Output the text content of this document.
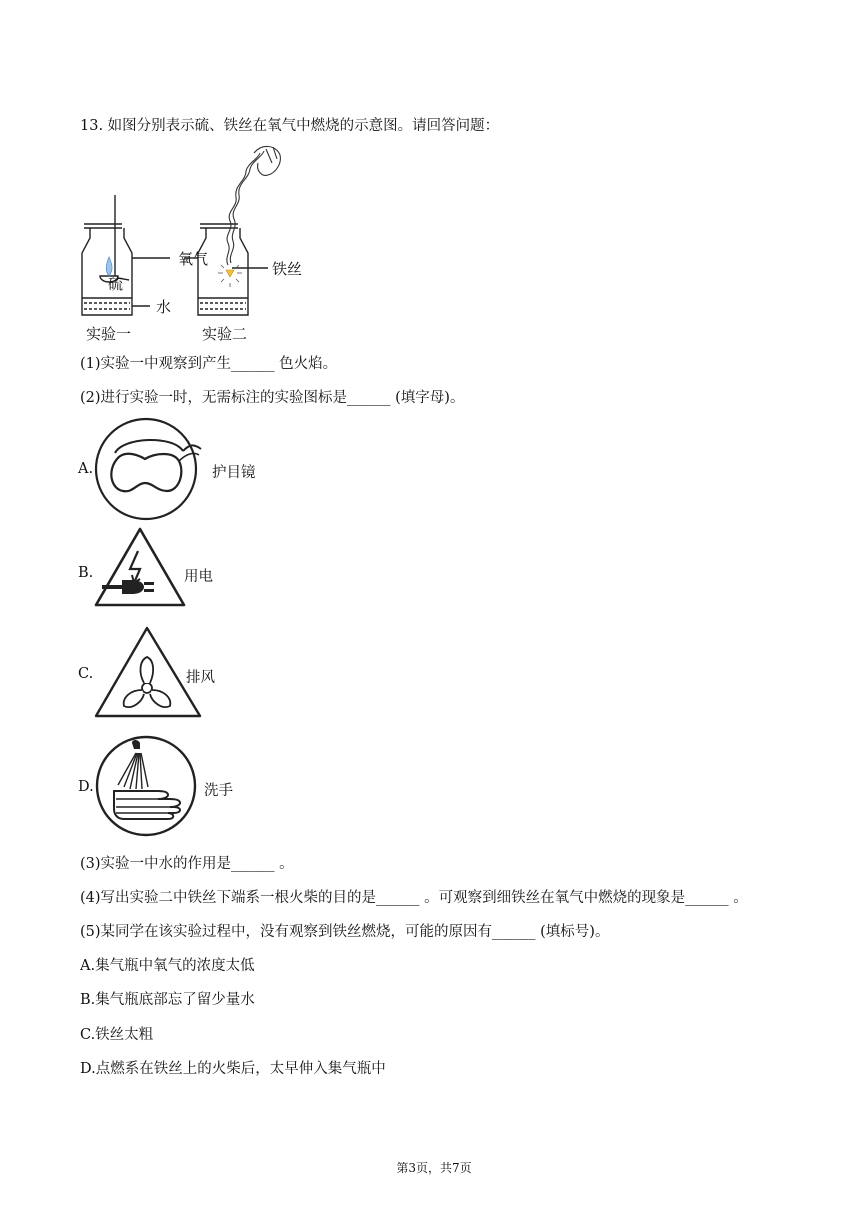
13. 如图分别表示硫、铁丝在氧气中燃烧的示意图。请回答问题：
氧气
硫
水
铁丝
实验一	实验二
(1)实验一中观察到产生______ 色火焰。
(2)进行实验一时，无需标注的实验图标是______ (填字母)。
A.	护目镜
B.	用电
C.	排风
D.	洗手
(3)实验一中水的作用是______ 。
(4)写出实验二中铁丝下端系一根火柴的目的是______ 。可观察到细铁丝在氧气中燃烧的现象是______ 。
(5)某同学在该实验过程中，没有观察到铁丝燃烧，可能的原因有______ (填标号)。
A.集气瓶中氧气的浓度太低
B.集气瓶底部忘了留少量水
C.铁丝太粗
D.点燃系在铁丝上的火柴后，太早伸入集气瓶中
第3页，共7页
